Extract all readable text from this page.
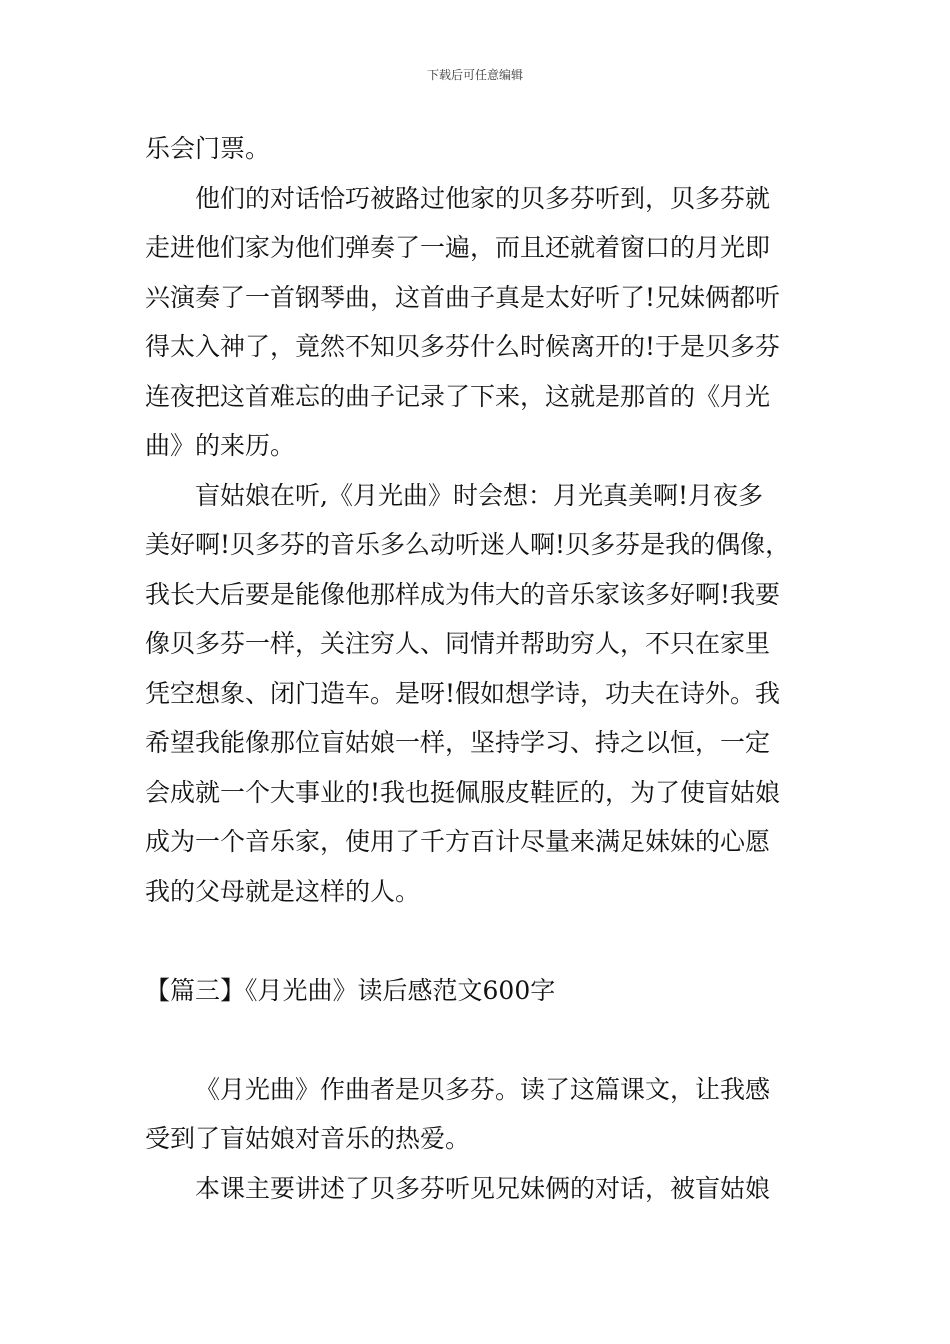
下载后可任意编辑
乐会门票。
他们的对话恰巧被路过他家的贝多芬听到，贝多芬就
走进他们家为他们弹奏了一遍，而且还就着窗口的月光即
兴演奏了一首钢琴曲，这首曲子真是太好听了!兄妹俩都听
得太入神了，竟然不知贝多芬什么时候离开的!于是贝多芬
连夜把这首难忘的曲子记录了下来，这就是那首的《月光
曲》的来历。
盲姑娘在听,《月光曲》时会想：月光真美啊!月夜多
美好啊!贝多芬的音乐多么动听迷人啊!贝多芬是我的偶像，
我长大后要是能像他那样成为伟大的音乐家该多好啊!我要
像贝多芬一样，关注穷人、同情并帮助穷人，不只在家里
凭空想象、闭门造车。是呀!假如想学诗，功夫在诗外。我
希望我能像那位盲姑娘一样，坚持学习、持之以恒，一定
会成就一个大事业的!我也挺佩服皮鞋匠的，为了使盲姑娘
成为一个音乐家，使用了千方百计尽量来满足妹妹的心愿
我的父母就是这样的人。
【篇三】《月光曲》读后感范文600字
《月光曲》作曲者是贝多芬。读了这篇课文，让我感
受到了盲姑娘对音乐的热爱。
本课主要讲述了贝多芬听见兄妹俩的对话，被盲姑娘
